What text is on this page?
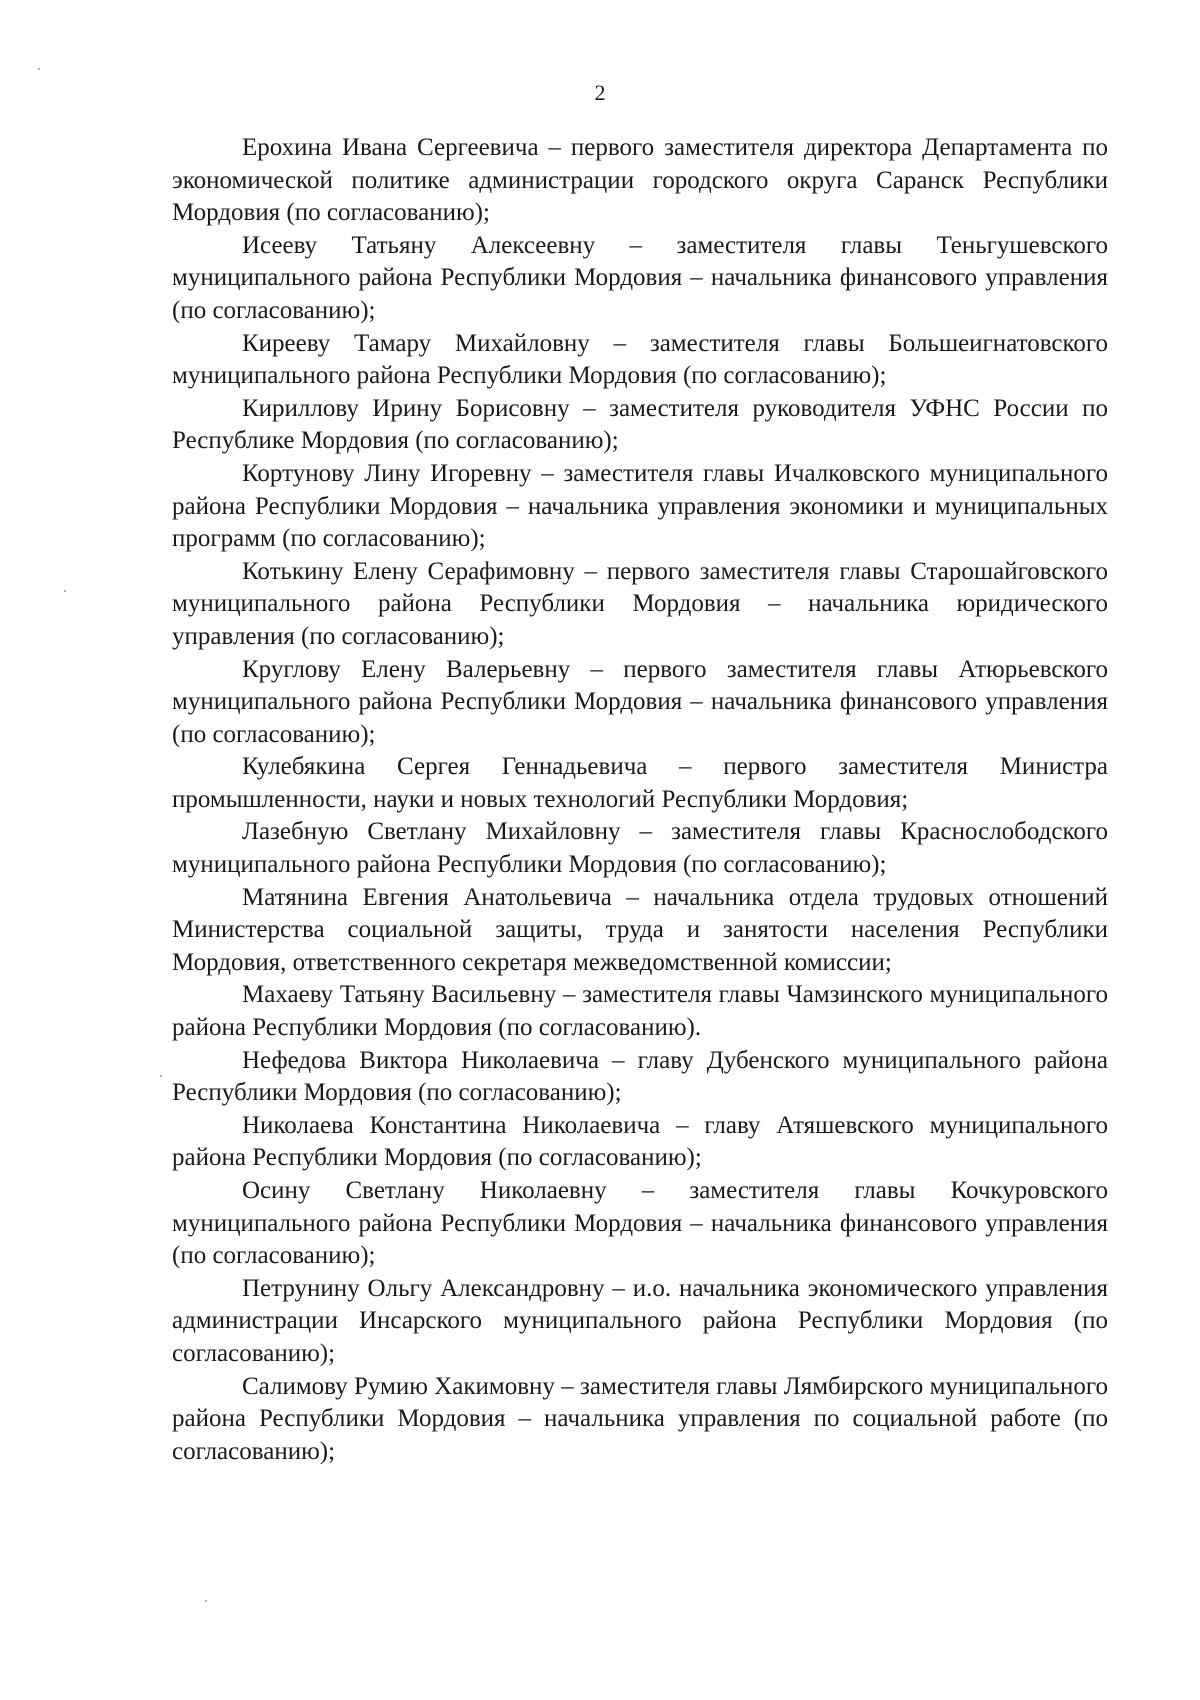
2

Ерохина Ивана Сергеевича – первого заместителя директора Департамента по экономической политике администрации городского округа Саранск Республики Мордовия (по согласованию);

Исееву Татьяну Алексеевну – заместителя главы Теньгушевского муниципального района Республики Мордовия – начальника финансового управления (по согласованию);

Кирееву Тамару Михайловну – заместителя главы Большеигнатовского муниципального района Республики Мордовия (по согласованию);

Кириллову Ирину Борисовну – заместителя руководителя УФНС России по Республике Мордовия (по согласованию);

Кортунову Лину Игоревну – заместителя главы Ичалковского муниципального района Республики Мордовия – начальника управления экономики и муниципальных программ (по согласованию);

Котькину Елену Серафимовну – первого заместителя главы Старошайговского муниципального района Республики Мордовия – начальника юридического управления (по согласованию);

Круглову Елену Валерьевну – первого заместителя главы Атюрьевского муниципального района Республики Мордовия – начальника финансового управления (по согласованию);

Кулебякина Сергея Геннадьевича – первого заместителя Министра промышленности, науки и новых технологий Республики Мордовия;

Лазебную Светлану Михайловну – заместителя главы Краснослободского муниципального района Республики Мордовия (по согласованию);

Матянина Евгения Анатольевича – начальника отдела трудовых отношений Министерства социальной защиты, труда и занятости населения Республики Мордовия, ответственного секретаря межведомственной комиссии;

Махаеву Татьяну Васильевну – заместителя главы Чамзинского муниципального района Республики Мордовия (по согласованию).

Нефедова Виктора Николаевича – главу Дубенского муниципального района Республики Мордовия (по согласованию);

Николаева Константина Николаевича – главу Атяшевского муниципального района Республики Мордовия (по согласованию);

Осину Светлану Николаевну – заместителя главы Кочкуровского муниципального района Республики Мордовия – начальника финансового управления (по согласованию);

Петрунину Ольгу Александровну – и.о. начальника экономического управления администрации Инсарского муниципального района Республики Мордовия (по согласованию);

Салимову Румию Хакимовну – заместителя главы Лямбирского муниципального района Республики Мордовия – начальника управления по социальной работе (по согласованию);
